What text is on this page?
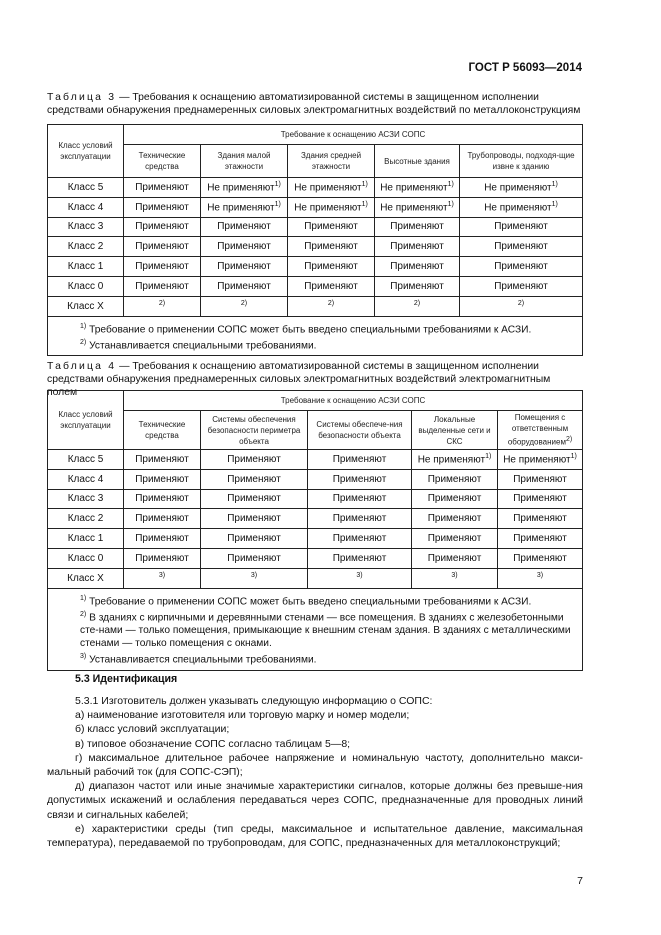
ГОСТ Р 56093—2014
Таблица 3 — Требования к оснащению автоматизированной системы в защищенном исполнении средствами обнаружения преднамеренных силовых электромагнитных воздействий по металлоконструкциям
Класс условий эксплуатации	Требование к оснащению АСЗИ СОПС				
	Технические средства	Здания малой этажности	Здания средней этажности	Высотные здания	Трубопроводы, подходя-щие извне к зданию
Класс 5	Применяют	Не применяют$^{1)}$	Не применяют$^{1)}$	Не применяют$^{1)}$	Не применяют$^{1)}$
Класс 4	Применяют	Не применяют$^{1)}$	Не применяют$^{1)}$	Не применяют$^{1)}$	Не применяют$^{1)}$
Класс 3	Применяют	Применяют	Применяют	Применяют	Применяют
Класс 2	Применяют	Применяют	Применяют	Применяют	Применяют
Класс 1	Применяют	Применяют	Применяют	Применяют	Применяют
Класс 0	Применяют	Применяют	Применяют	Применяют	Применяют
Класс X	$^{2)}$	$^{2)}$	$^{2)}$	$^{2)}$	$^{2)}$

$^{1)}$ Требование о применении СОПС может быть введено специальными требованиями к АСЗИ.
$^{2)}$ Устанавливается специальными требованиями.					
Таблица 4 — Требования к оснащению автоматизированной системы в защищенном исполнении средствами обнаружения преднамеренных силовых электромагнитных воздействий электромагнитным полем
Класс условий эксплуатации	Требование к оснащению АСЗИ СОПС				
	Технические средства	Системы обеспечения безопасности периметра объекта	Системы обеспече-ния безопасности объекта	Локальные выделенные сети и СКС	Помещения с ответственным оборудованием$^{2)}$
Класс 5	Применяют	Применяют	Применяют	Не применяют$^{1)}$	Не применяют$^{1)}$
Класс 4	Применяют	Применяют	Применяют	Применяют	Применяют
Класс 3	Применяют	Применяют	Применяют	Применяют	Применяют
Класс 2	Применяют	Применяют	Применяют	Применяют	Применяют
Класс 1	Применяют	Применяют	Применяют	Применяют	Применяют
Класс 0	Применяют	Применяют	Применяют	Применяют	Применяют
Класс X	$^{3)}$	$^{3)}$	$^{3)}$	$^{3)}$	$^{3)}$

$^{1)}$ Требование о применении СОПС может быть введено специальными требованиями к АСЗИ.
$^{2)}$ В зданиях с кирпичными и деревянными стенами — все помещения. В зданиях с железобетонными сте-нами — только помещения, примыкающие к внешним стенам здания. В зданиях с металлическими стенами — только помещения с окнами.
$^{3)}$ Устанавливается специальными требованиями.					
5.3 Идентификация

5.3.1 Изготовитель должен указывать следующую информацию о СОПС:

а) наименование изготовителя или торговую марку и номер модели;

б) класс условий эксплуатации;

в) типовое обозначение СОПС согласно таблицам 5—8;

г) максимальное длительное рабочее напряжение и номинальную частоту, дополнительно макси-мальный рабочий ток (для СОПС-СЭП);

д) диапазон частот или иные значимые характеристики сигналов, которые должны без превыше-ния допустимых искажений и ослабления передаваться через СОПС, предназначенные для проводных линий связи и сигнальных кабелей;

е) характеристики среды (тип среды, максимальное и испытательное давление, максимальная температура), передаваемой по трубопроводам, для СОПС, предназначенных для металлоконструкций;

7
